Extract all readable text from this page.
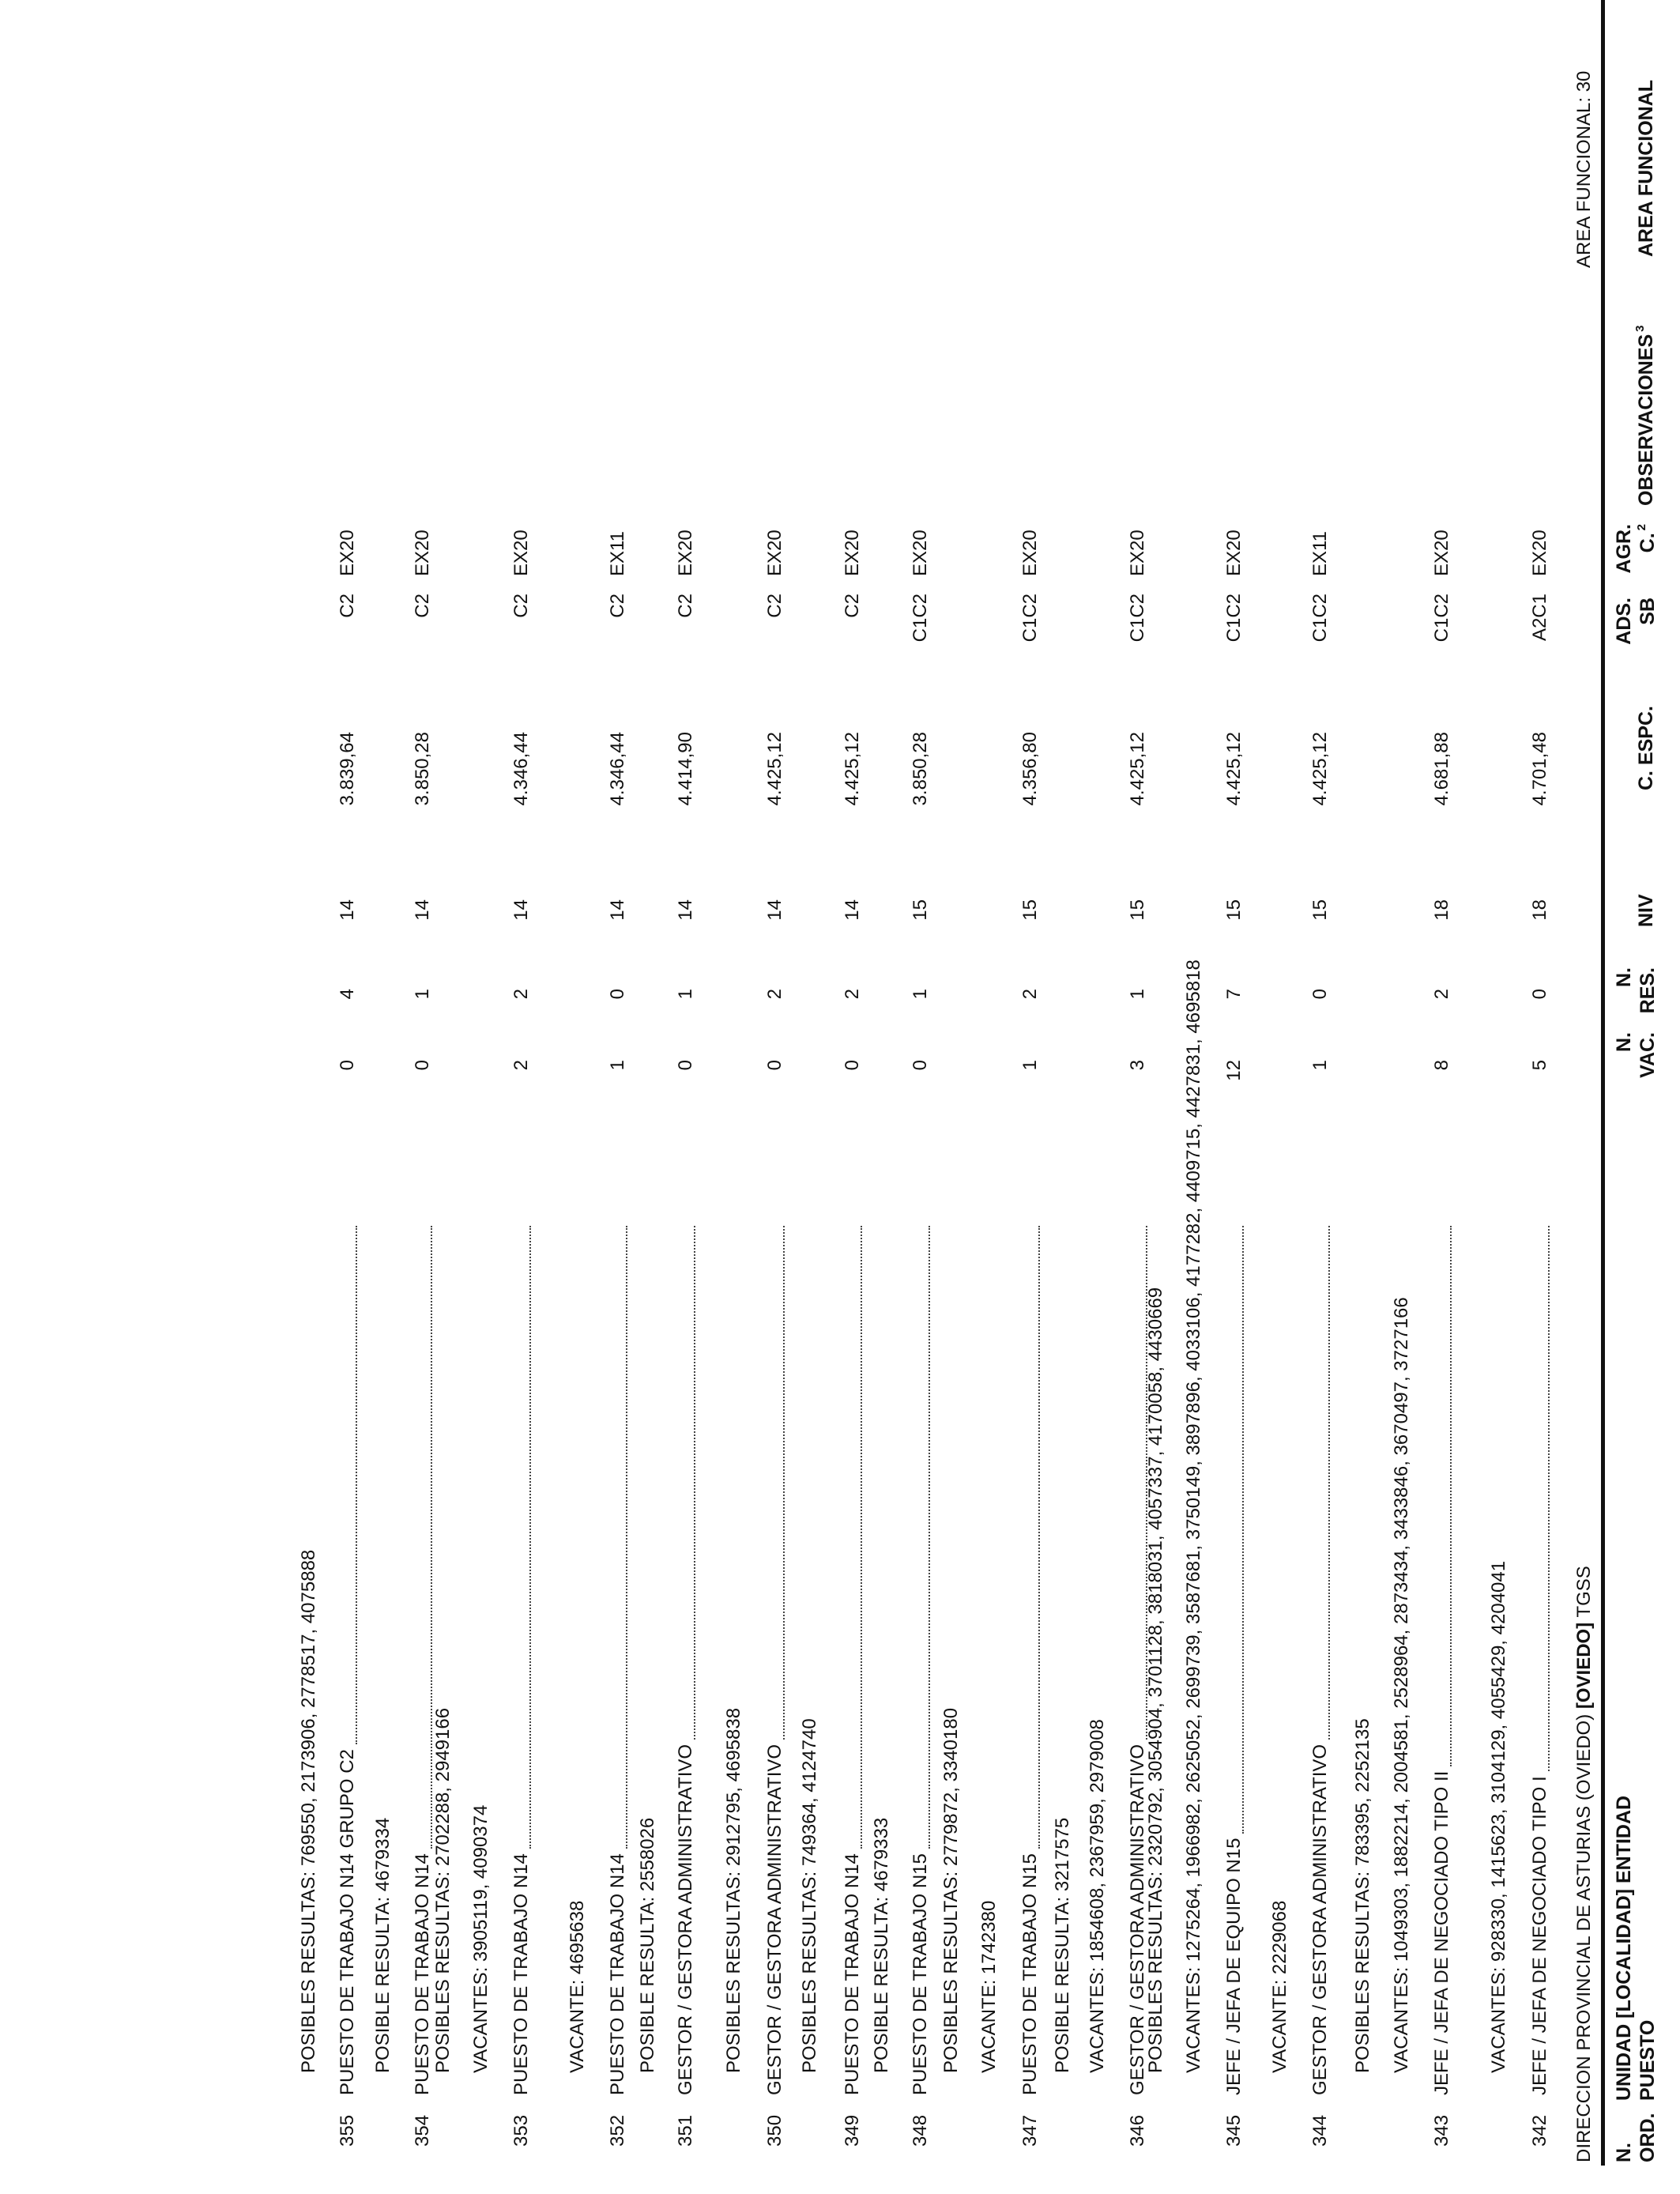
N. ORD.
UNIDAD [LOCALIDAD] ENTIDAD PUESTO
N. VAC.
N. RES.
NIV
C. ESPC.
ADS. SB
AGR. C.$^2$
OBSERVACIONES$^3$
AREA FUNCIONAL
DIRECCION PROVINCIAL DE ASTURIAS (OVIEDO) [OVIEDO] TGSS
AREA FUNCIONAL: 30
342
JEFE / JEFA DE NEGOCIADO TIPO I
5
0
18
4.701,48
A2C1
EX20
VACANTES: 928330, 1415623, 3104129, 4055429, 4204041
343
JEFE / JEFA DE NEGOCIADO TIPO II
8
2
18
4.681,88
C1C2
EX20
VACANTES: 1049303, 1882214, 2004581, 2528964, 2873434, 3433846, 3670497, 3727166
POSIBLES RESULTAS: 783395, 2252135
344
GESTOR / GESTORA ADMINISTRATIVO
1
0
15
4.425,12
C1C2
EX11
VACANTE: 2229068
345
JEFE / JEFA DE EQUIPO N15
12
7
15
4.425,12
C1C2
EX20
VACANTES: 1275264, 1966982, 2625052, 2699739, 3587681, 3750149, 3897896, 4033106, 4177282, 4409715, 4427831, 4695818
POSIBLES RESULTAS: 2320792, 3054904, 3701128, 3818031, 4057337, 4170058, 4430669
346
GESTOR / GESTORA ADMINISTRATIVO
3
1
15
4.425,12
C1C2
EX20
VACANTES: 1854608, 2367959, 2979008
POSIBLE RESULTA: 3217575
347
PUESTO DE TRABAJO N15
1
2
15
4.356,80
C1C2
EX20
VACANTE: 1742380
POSIBLES RESULTAS: 2779872, 3340180
348
PUESTO DE TRABAJO N15
0
1
15
3.850,28
C1C2
EX20
POSIBLE RESULTA: 4679333
349
PUESTO DE TRABAJO N14
0
2
14
4.425,12
C2
EX20
POSIBLES RESULTAS: 749364, 4124740
350
GESTOR / GESTORA ADMINISTRATIVO
0
2
14
4.425,12
C2
EX20
POSIBLES RESULTAS: 2912795, 4695838
351
GESTOR / GESTORA ADMINISTRATIVO
0
1
14
4.414,90
C2
EX20
POSIBLE RESULTA: 2558026
352
PUESTO DE TRABAJO N14
1
0
14
4.346,44
C2
EX11
VACANTE: 4695638
353
PUESTO DE TRABAJO N14
2
2
14
4.346,44
C2
EX20
VACANTES: 3905119, 4090374
POSIBLES RESULTAS: 2702288, 2949166
354
PUESTO DE TRABAJO N14
0
1
14
3.850,28
C2
EX20
POSIBLE RESULTA: 4679334
355
PUESTO DE TRABAJO N14 GRUPO C2
0
4
14
3.839,64
C2
EX20
POSIBLES RESULTAS: 769550, 2173906, 2778517, 4075888
